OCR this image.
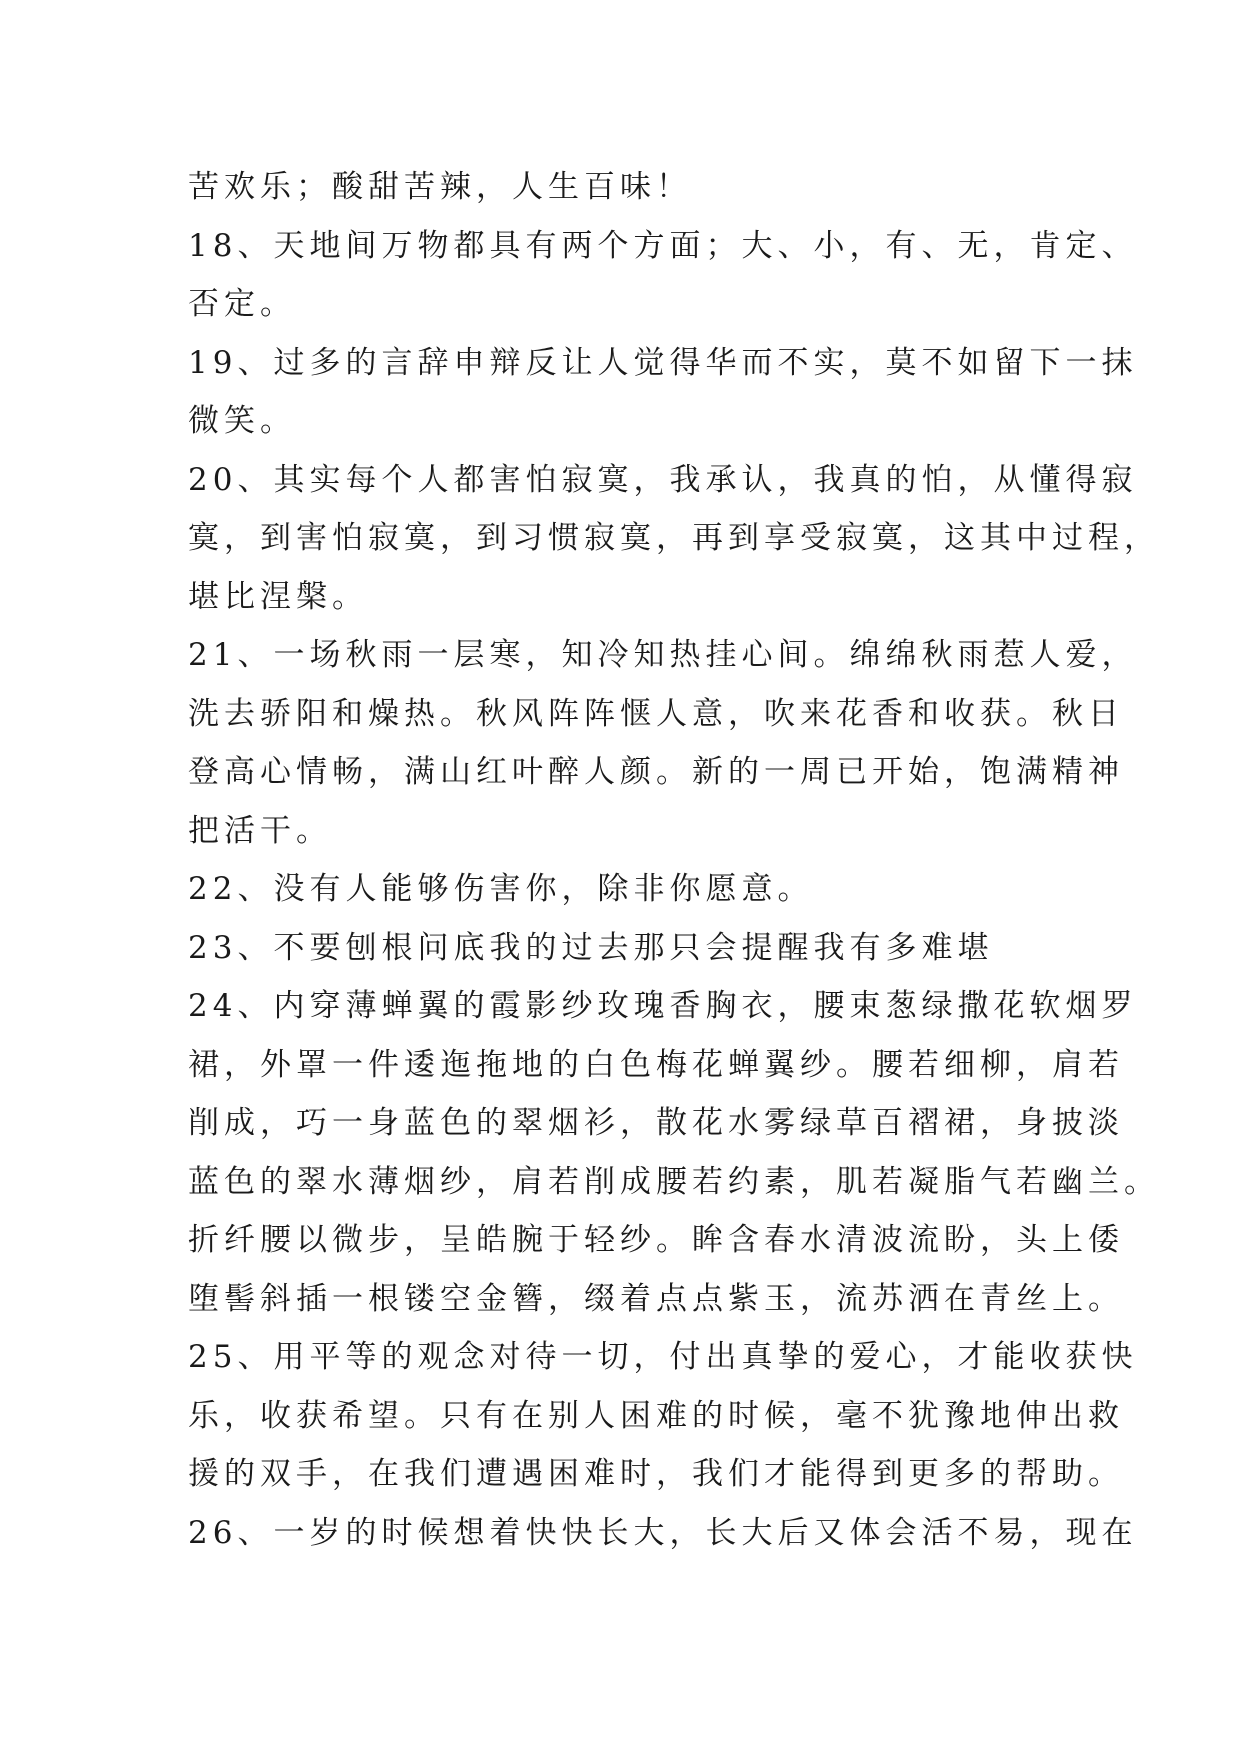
苦欢乐；酸甜苦辣，人生百味！
18、天地间万物都具有两个方面；大、小，有、无，肯定、
否定。
19、过多的言辞申辩反让人觉得华而不实，莫不如留下一抹
微笑。
20、其实每个人都害怕寂寞，我承认，我真的怕，从懂得寂
寞，到害怕寂寞，到习惯寂寞，再到享受寂寞，这其中过程，
堪比涅槃。
21、一场秋雨一层寒，知冷知热挂心间。绵绵秋雨惹人爱，
洗去骄阳和燥热。秋风阵阵惬人意，吹来花香和收获。秋日
登高心情畅，满山红叶醉人颜。新的一周已开始，饱满精神
把活干。
22、没有人能够伤害你，除非你愿意。
23、不要刨根问底我的过去那只会提醒我有多难堪
24、内穿薄蝉翼的霞影纱玫瑰香胸衣，腰束葱绿撒花软烟罗
裙，外罩一件逶迤拖地的白色梅花蝉翼纱。腰若细柳，肩若
削成，巧一身蓝色的翠烟衫，散花水雾绿草百褶裙，身披淡
蓝色的翠水薄烟纱，肩若削成腰若约素，肌若凝脂气若幽兰。
折纤腰以微步，呈皓腕于轻纱。眸含春水清波流盼，头上倭
堕髻斜插一根镂空金簪，缀着点点紫玉，流苏洒在青丝上。
25、用平等的观念对待一切，付出真挚的爱心，才能收获快
乐，收获希望。只有在别人困难的时候，毫不犹豫地伸出救
援的双手，在我们遭遇困难时，我们才能得到更多的帮助。
26、一岁的时候想着快快长大，长大后又体会活不易，现在
